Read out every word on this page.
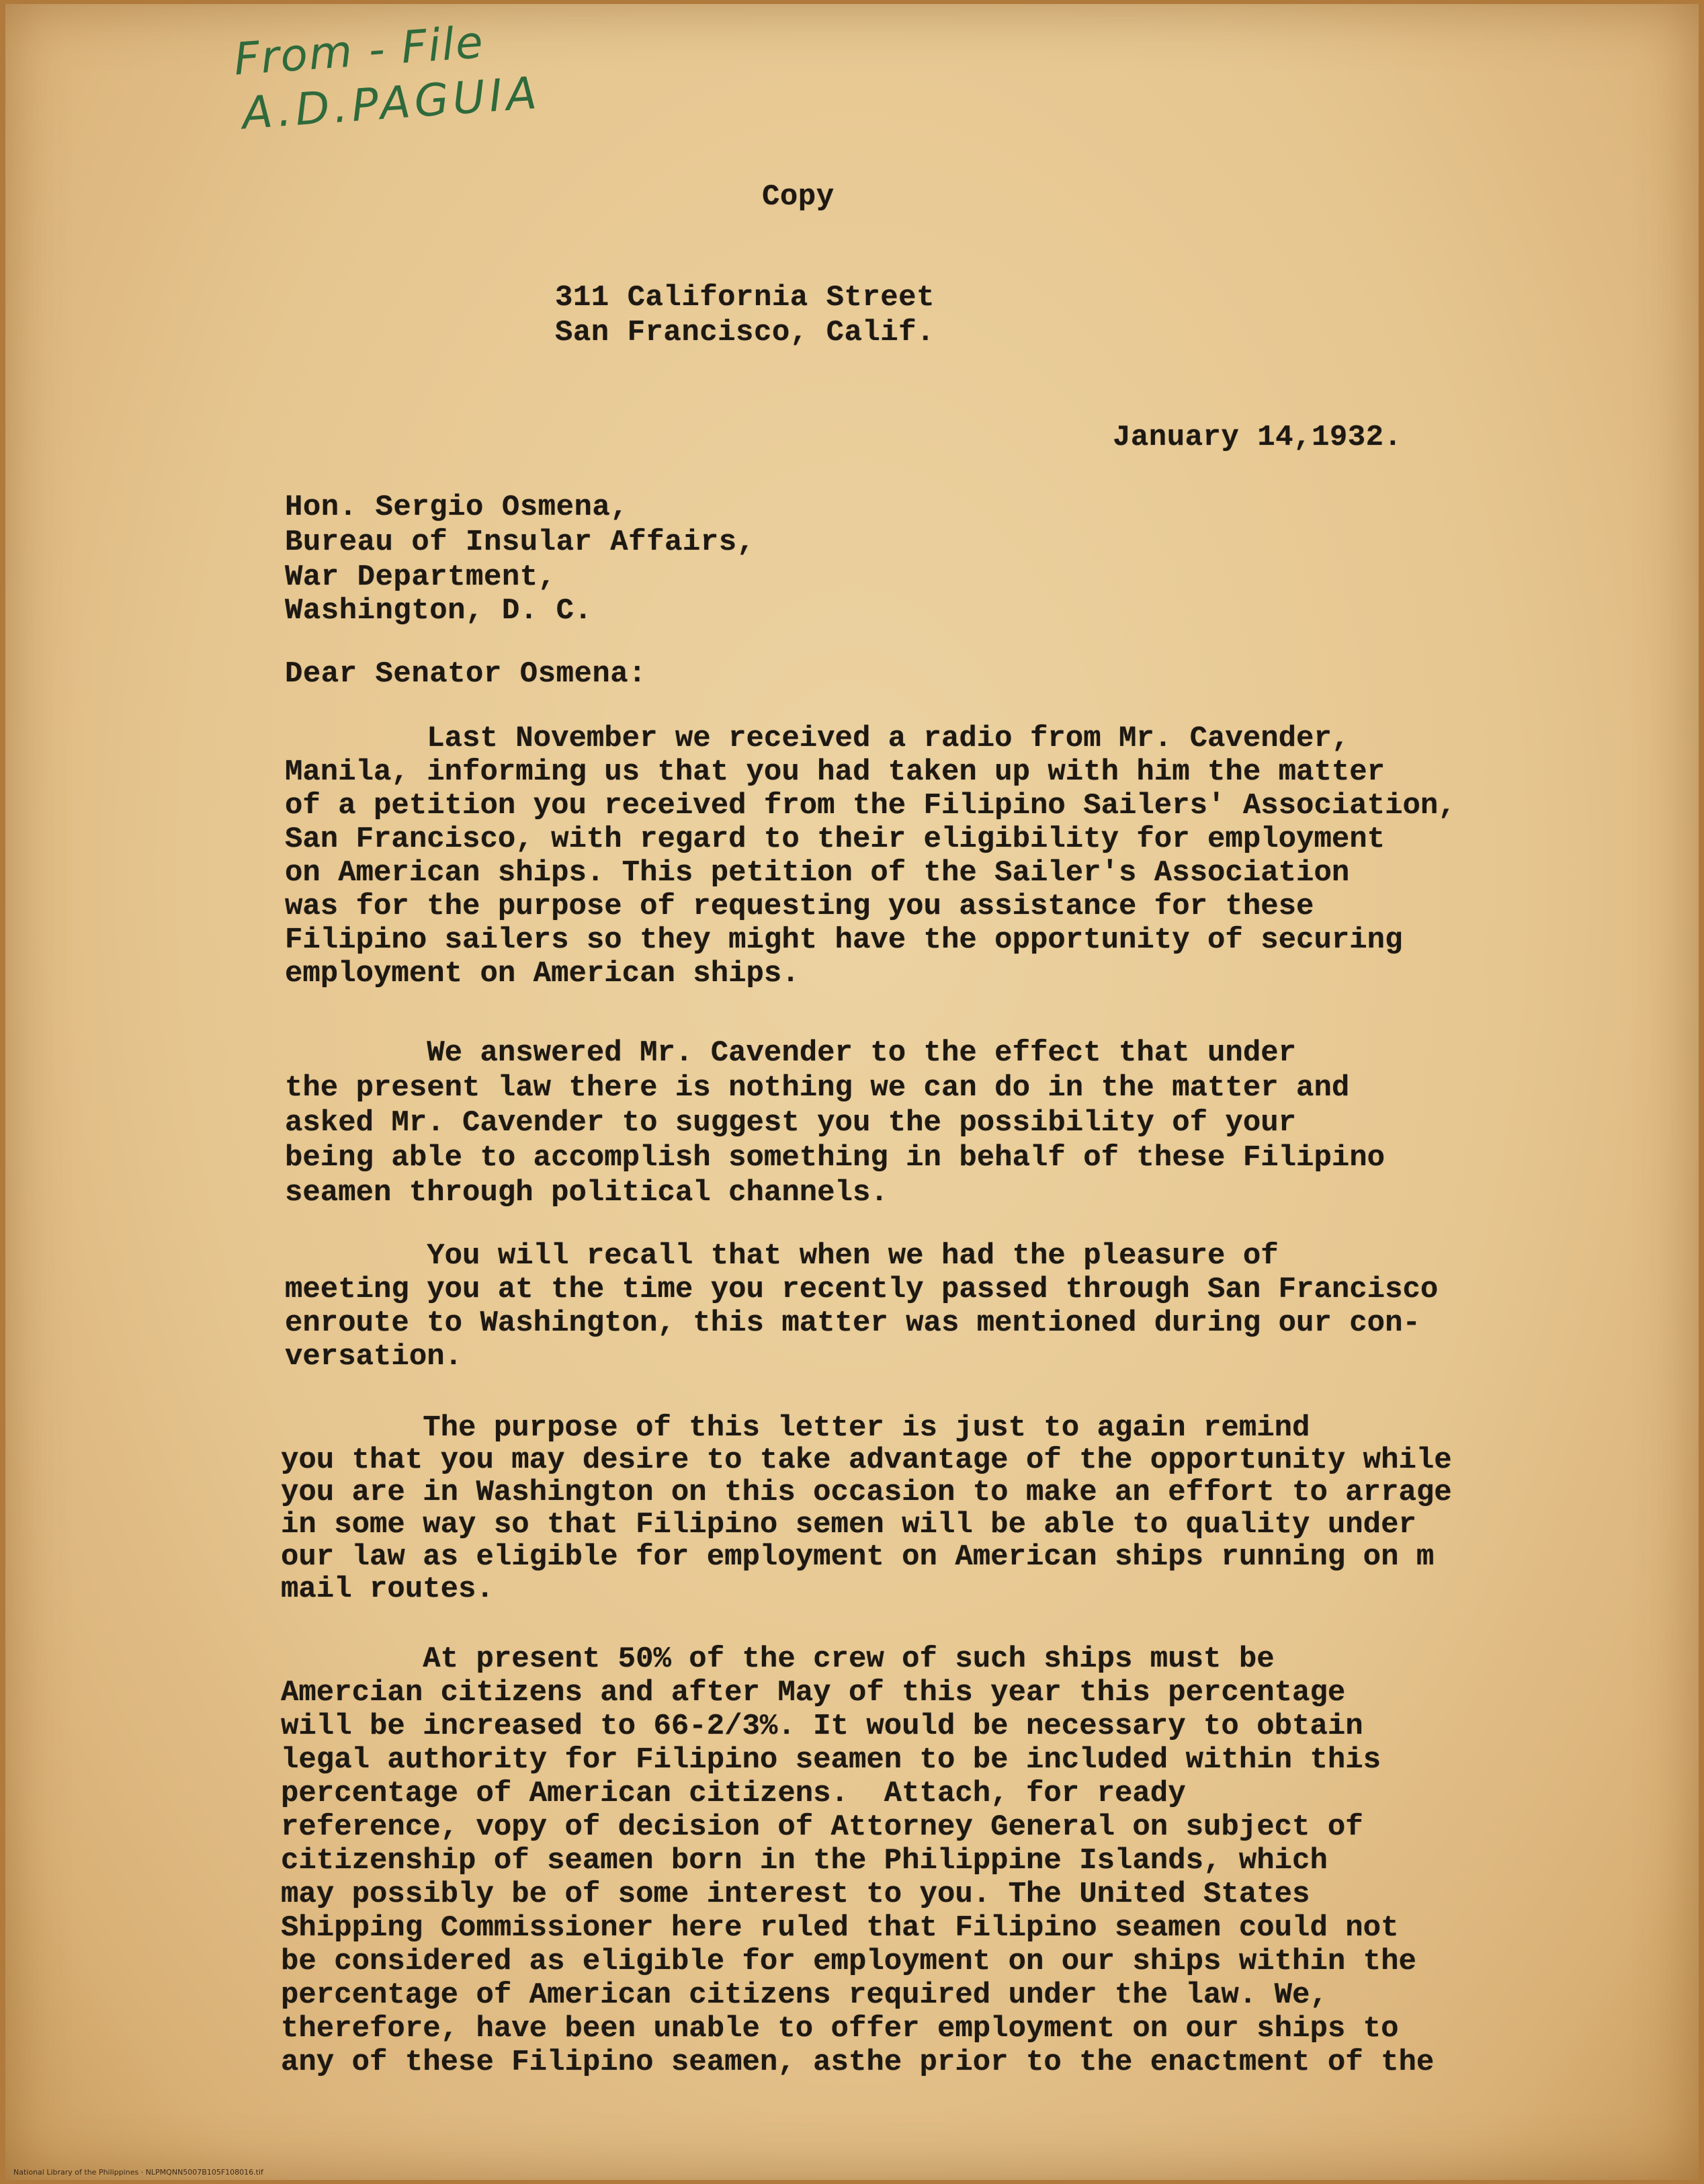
From - File
A.D.PAGUIA
Copy
311 California Street
San Francisco, Calif.
January 14,1932.
Hon. Sergio Osmena,
Bureau of Insular Affairs,
War Department,
Washington, D. C.
Dear Senator Osmena:
Last November we received a radio from Mr. Cavender,
Manila, informing us that you had taken up with him the matter
of a petition you received from the Filipino Sailers' Association,
San Francisco, with regard to their eligibility for employment
on American ships. This petition of the Sailer's Association
was for the purpose of requesting you assistance for these
Filipino sailers so they might have the opportunity of securing
employment on American ships.
We answered Mr. Cavender to the effect that under
the present law there is nothing we can do in the matter and
asked Mr. Cavender to suggest you the possibility of your
being able to accomplish something in behalf of these Filipino
seamen through political channels.
You will recall that when we had the pleasure of
meeting you at the time you recently passed through San Francisco
enroute to Washington, this matter was mentioned during our con-
versation.
The purpose of this letter is just to again remind
you that you may desire to take advantage of the opportunity while
you are in Washington on this occasion to make an effort to arrage
in some way so that Filipino semen will be able to quality under
our law as eligible for employment on American ships running on m
mail routes.
At present 50% of the crew of such ships must be
Amercian citizens and after May of this year this percentage
will be increased to 66-2/3%. It would be necessary to obtain
legal authority for Filipino seamen to be included within this
percentage of American citizens.  Attach, for ready
reference, vopy of decision of Attorney General on subject of
citizenship of seamen born in the Philippine Islands, which
may possibly be of some interest to you. The United States
Shipping Commissioner here ruled that Filipino seamen could not
be considered as eligible for employment on our ships within the
percentage of American citizens required under the law. We,
therefore, have been unable to offer employment on our ships to
any of these Filipino seamen, asthe prior to the enactment of the
National Library of the Philippines · NLPMQNN5007B105F108016.tif
